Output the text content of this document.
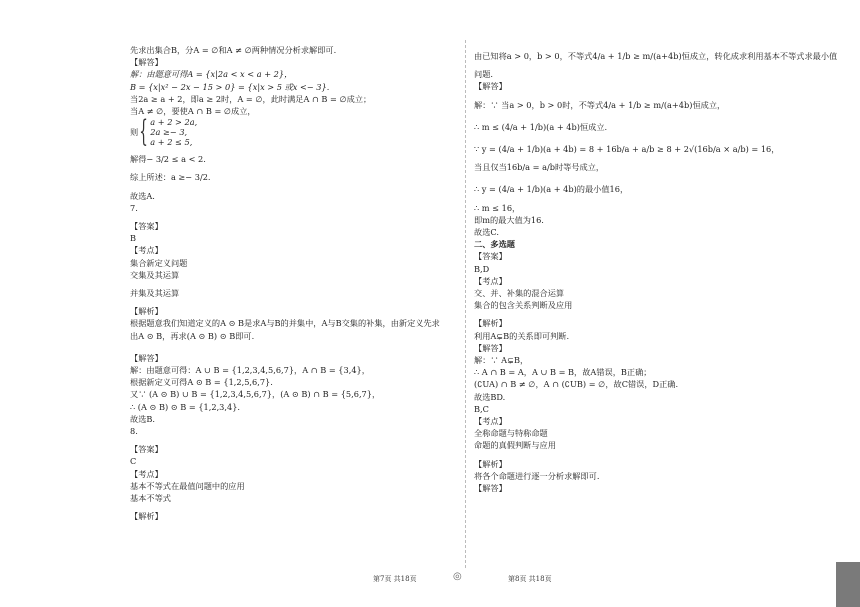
先求出集合B，分A = ∅和A ≠ ∅两种情况分析求解即可.

【解答】

解：由题意可得A = {x|2a < x < a + 2}，

B = {x|x² − 2x − 15 > 0} = {x|x > 5 或x <− 3}.

当2a ≥ a + 2，即a ≥ 2时，A = ∅，此时满足A ∩ B = ∅成立；

当A ≠ ∅，要使A ∩ B = ∅成立，

则 { a + 2 > 2a,
2a ≥− 3,
a + 2 ≤ 5,

解得− 3/2 ≤ a < 2.

综上所述：a ≥− 3/2.

故选A.

7.

【答案】

B

【考点】

集合新定义问题

交集及其运算

并集及其运算

【解析】

根据题意我们知道定义的A ⊙ B是求A与B的并集中，A与B交集的补集，由新定义先求

出A ⊙ B，再求(A ⊙ B) ⊙ B即可.

【解答】

解：由题意可得：A ∪ B = {1,2,3,4,5,6,7}，A ∩ B = {3,4}，

根据新定义可得A ⊙ B = {1,2,5,6,7}.

又∵ (A ⊙ B) ∪ B = {1,2,3,4,5,6,7}，(A ⊙ B) ∩ B = {5,6,7}，

∴ (A ⊙ B) ⊙ B = {1,2,3,4}.

故选B.

8.

【答案】

C

【考点】

基本不等式在最值问题中的应用

基本不等式

【解析】

由已知将a > 0，b > 0，不等式4/a + 1/b ≥ m/(a+4b)恒成立，转化成求利用基本不等式求最小值

问题.

【解答】

解：∵ 当a > 0，b > 0时，不等式4/a + 1/b ≥ m/(a+4b)恒成立，

∴ m ≤ (4/a + 1/b)(a + 4b)恒成立.

∵ y = (4/a + 1/b)(a + 4b) = 8 + 16b/a + a/b ≥ 8 + 2√(16b/a × a/b) = 16，

当且仅当16b/a = a/b时等号成立，

∴ y = (4/a + 1/b)(a + 4b)的最小值16，

∴ m ≤ 16，

即m的最大值为16.

故选C.

二、多选题

【答案】

B,D

【考点】

交、并、补集的混合运算

集合的包含关系判断及应用

【解析】

利用A⊊B的关系即可判断.

【解答】

解：∵ A⊊B，

∴ A ∩ B = A，A ∪ B = B，故A错误，B正确；

(∁UA) ∩ B ≠ ∅，A ∩ (∁UB) = ∅，故C错误，D正确.

故选BD.

B,C

【考点】

全称命题与特称命题

命题的真假判断与应用

【解析】

将各个命题进行逐一分析求解即可.

【解答】

第7页 共18页	◎	第8页 共18页
